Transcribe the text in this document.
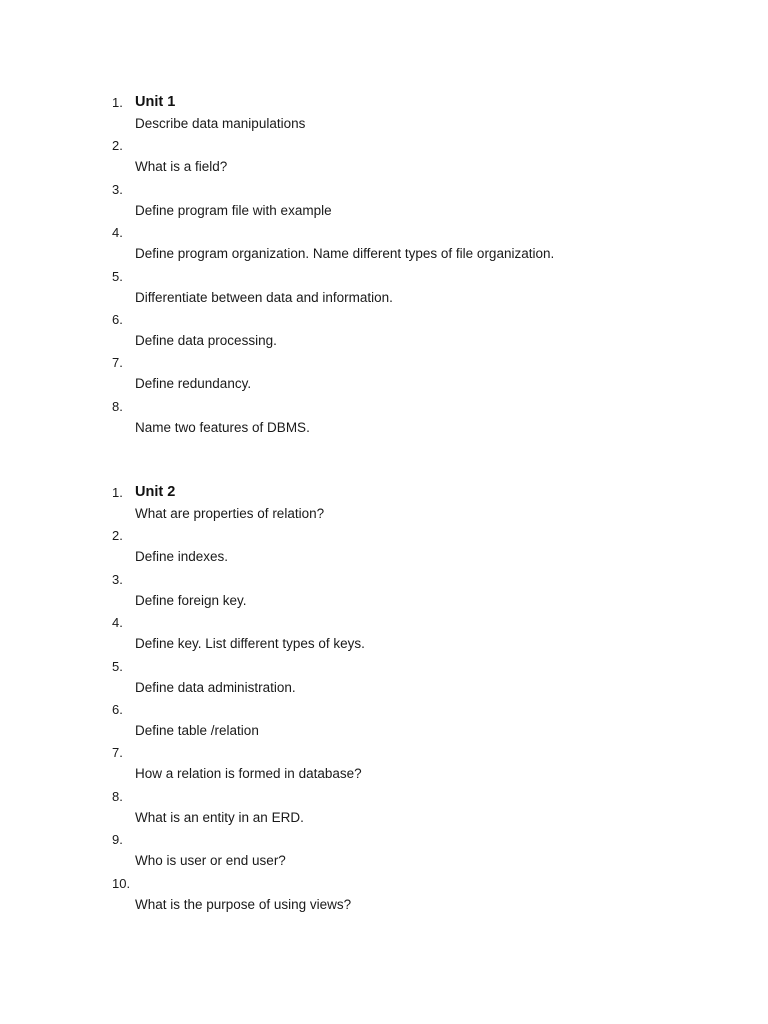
1. Unit 1
Describe data manipulations
2.
What is a field?
3.
Define program file with example
4.
Define program organization. Name different types of file organization.
5.
Differentiate between data and information.
6.
Define data processing.
7.
Define redundancy.
8.
Name two features of DBMS.
1. Unit 2
What are properties of relation?
2.
Define indexes.
3.
Define foreign key.
4.
Define key. List different types of keys.
5.
Define data administration.
6.
Define table /relation
7.
How a relation is formed in database?
8.
What is an entity in an ERD.
9.
Who is user or end user?
10.
What is the purpose of using views?
